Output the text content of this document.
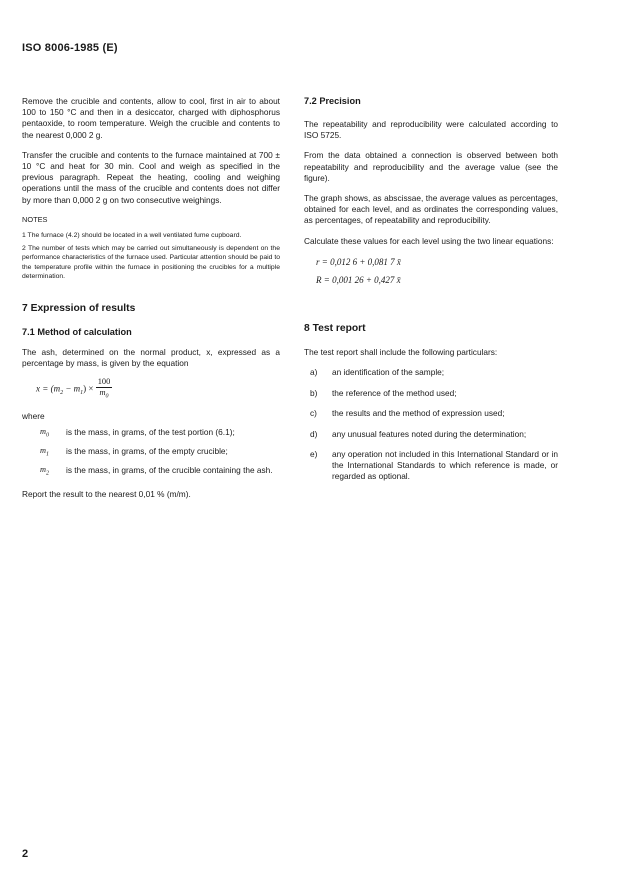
ISO 8006-1985 (E)

Remove the crucible and contents, allow to cool, first in air to about 100 to 150 °C and then in a desiccator, charged with diphosphorus pentaoxide, to room temperature. Weigh the crucible and contents to the nearest 0,000 2 g.

Transfer the crucible and contents to the furnace maintained at 700 ± 10 °C and heat for 30 min. Cool and weigh as specified in the previous paragraph. Repeat the heating, cooling and weighing operations until the mass of the crucible and contents does not differ by more than 0,000 2 g on two consecutive weighings.

NOTES

1 The furnace (4.2) should be located in a well ventilated fume cupboard.

2 The number of tests which may be carried out simultaneously is dependent on the performance characteristics of the furnace used. Particular attention should be paid to the temperature profile within the furnace in positioning the crucibles for a multiple determination.

7 Expression of results
7.1 Method of calculation

The ash, determined on the normal product, x, expressed as a percentage by mass, is given by the equation

$x = (m_2 - m_1) \times \frac{100}{m_0}$

where

$m_0$	is the mass, in grams, of the test portion (6.1);
$m_1$	is the mass, in grams, of the empty crucible;
$m_2$	is the mass, in grams, of the crucible containing the ash.

Report the result to the nearest 0,01 % (m/m).

7.2 Precision

The repeatability and reproducibility were calculated according to ISO 5725.

From the data obtained a connection is observed between both repeatability and reproducibility and the average value (see the figure).

The graph shows, as abscissae, the average values as percentages, obtained for each level, and as ordinates the corresponding values, as percentages, of repeatability and reproducibility.

Calculate these values for each level using the two linear equations:

r = 0,012 6 + 0,081 7 x̄
R = 0,001 26 + 0,427 x̄
8 Test report

The test report shall include the following particulars:

a)	an identification of the sample;
b)	the reference of the method used;
c)	the results and the method of expression used;
d)	any unusual features noted during the determination;
e)	any operation not included in this International Standard or in the International Standards to which reference is made, or regarded as optional.
2
